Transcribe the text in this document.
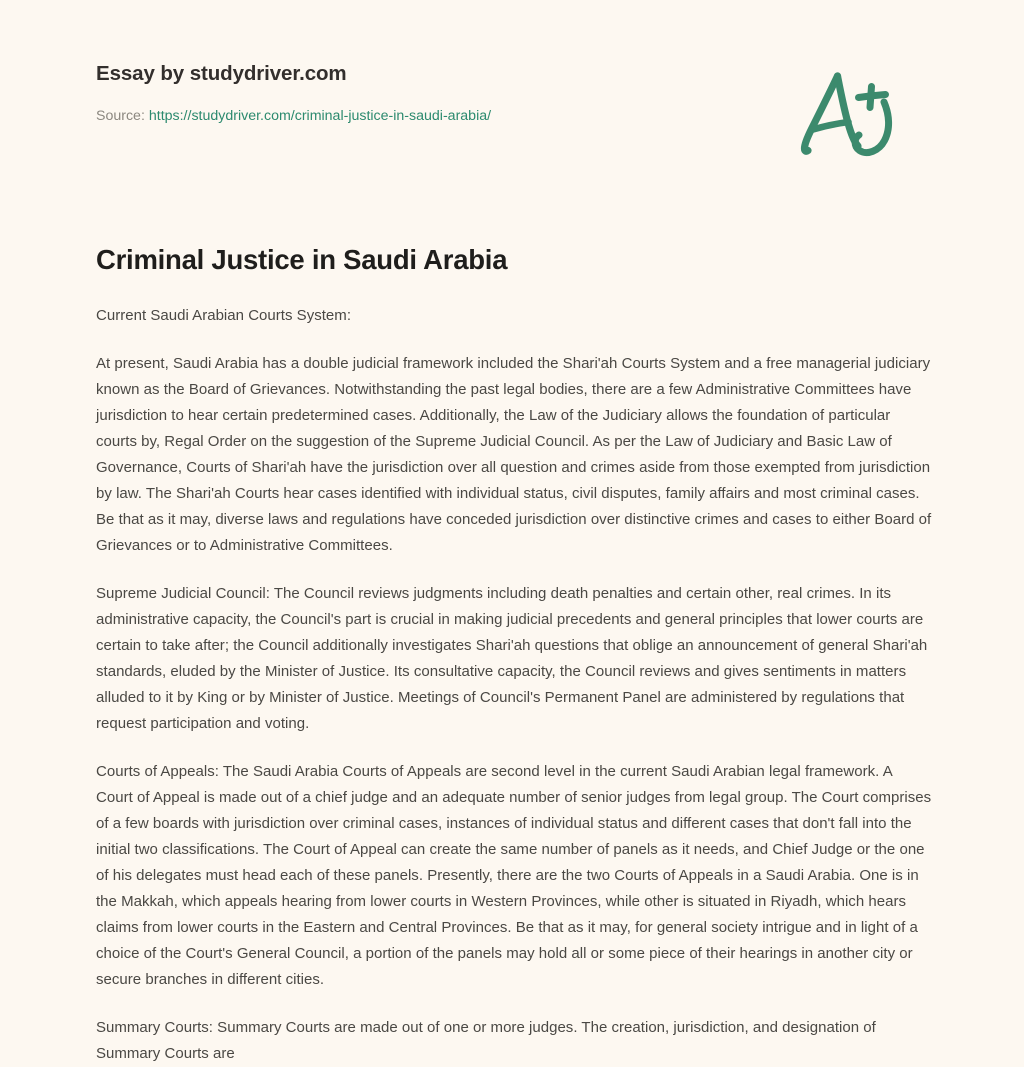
Essay by studydriver.com
Source: https://studydriver.com/criminal-justice-in-saudi-arabia/
Criminal Justice in Saudi Arabia

Current Saudi Arabian Courts System:

At present, Saudi Arabia has a double judicial framework included the Shari'ah Courts System and a free managerial judiciary known as the Board of Grievances. Notwithstanding the past legal bodies, there are a few Administrative Committees have jurisdiction to hear certain predetermined cases. Additionally, the Law of the Judiciary allows the foundation of particular courts by, Regal Order on the suggestion of the Supreme Judicial Council. As per the Law of Judiciary and Basic Law of Governance, Courts of Shari'ah have the jurisdiction over all question and crimes aside from those exempted from jurisdiction by law. The Shari'ah Courts hear cases identified with individual status, civil disputes, family affairs and most criminal cases. Be that as it may, diverse laws and regulations have conceded jurisdiction over distinctive crimes and cases to either Board of Grievances or to Administrative Committees.

Supreme Judicial Council: The Council reviews judgments including death penalties and certain other, real crimes. In its administrative capacity, the Council's part is crucial in making judicial precedents and general principles that lower courts are certain to take after; the Council additionally investigates Shari'ah questions that oblige an announcement of general Shari'ah standards, eluded by the Minister of Justice. Its consultative capacity, the Council reviews and gives sentiments in matters alluded to it by King or by Minister of Justice. Meetings of Council's Permanent Panel are administered by regulations that request participation and voting.

Courts of Appeals: The Saudi Arabia Courts of Appeals are second level in the current Saudi Arabian legal framework. A Court of Appeal is made out of a chief judge and an adequate number of senior judges from legal group. The Court comprises of a few boards with jurisdiction over criminal cases, instances of individual status and different cases that don't fall into the initial two classifications. The Court of Appeal can create the same number of panels as it needs, and Chief Judge or the one of his delegates must head each of these panels. Presently, there are the two Courts of Appeals in a Saudi Arabia. One is in the Makkah, which appeals hearing from lower courts in Western Provinces, while other is situated in Riyadh, which hears claims from lower courts in the Eastern and Central Provinces. Be that as it may, for general society intrigue and in light of a choice of the Court's General Council, a portion of the panels may hold all or some piece of their hearings in another city or secure branches in different cities.

Summary Courts: Summary Courts are made out of one or more judges. The creation, jurisdiction, and designation of Summary Courts are
